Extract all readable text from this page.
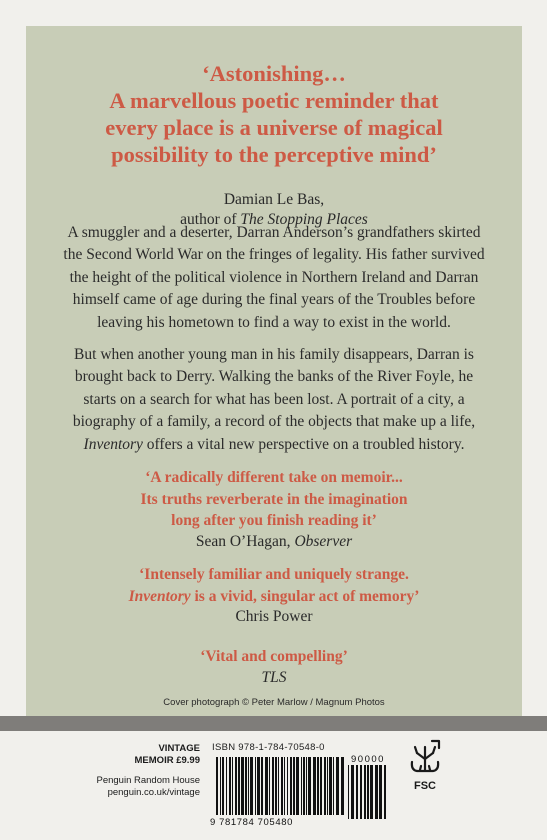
‘Astonishing…
A marvellous poetic reminder that
every place is a universe of magical
possibility to the perceptive mind’
Damian Le Bas,
author of The Stopping Places
A smuggler and a deserter, Darran Anderson’s grandfathers skirted
the Second World War on the fringes of legality. His father survived
the height of the political violence in Northern Ireland and Darran
himself came of age during the final years of the Troubles before
leaving his hometown to find a way to exist in the world.
But when another young man in his family disappears, Darran is
brought back to Derry. Walking the banks of the River Foyle, he
starts on a search for what has been lost. A portrait of a city, a
biography of a family, a record of the objects that make up a life,
Inventory offers a vital new perspective on a troubled history.
‘A radically different take on memoir...
Its truths reverberate in the imagination
long after you finish reading it’
Sean O’Hagan, Observer
‘Intensely familiar and uniquely strange.
Inventory is a vivid, singular act of memory’
Chris Power
‘Vital and compelling’
TLS
Cover photograph © Peter Marlow / Magnum Photos
VINTAGE
MEMOIR £9.99
Penguin Random House
penguin.co.uk/vintage
ISBN 978-1-784-70548-0
9 781784 705480
90000
FSC
